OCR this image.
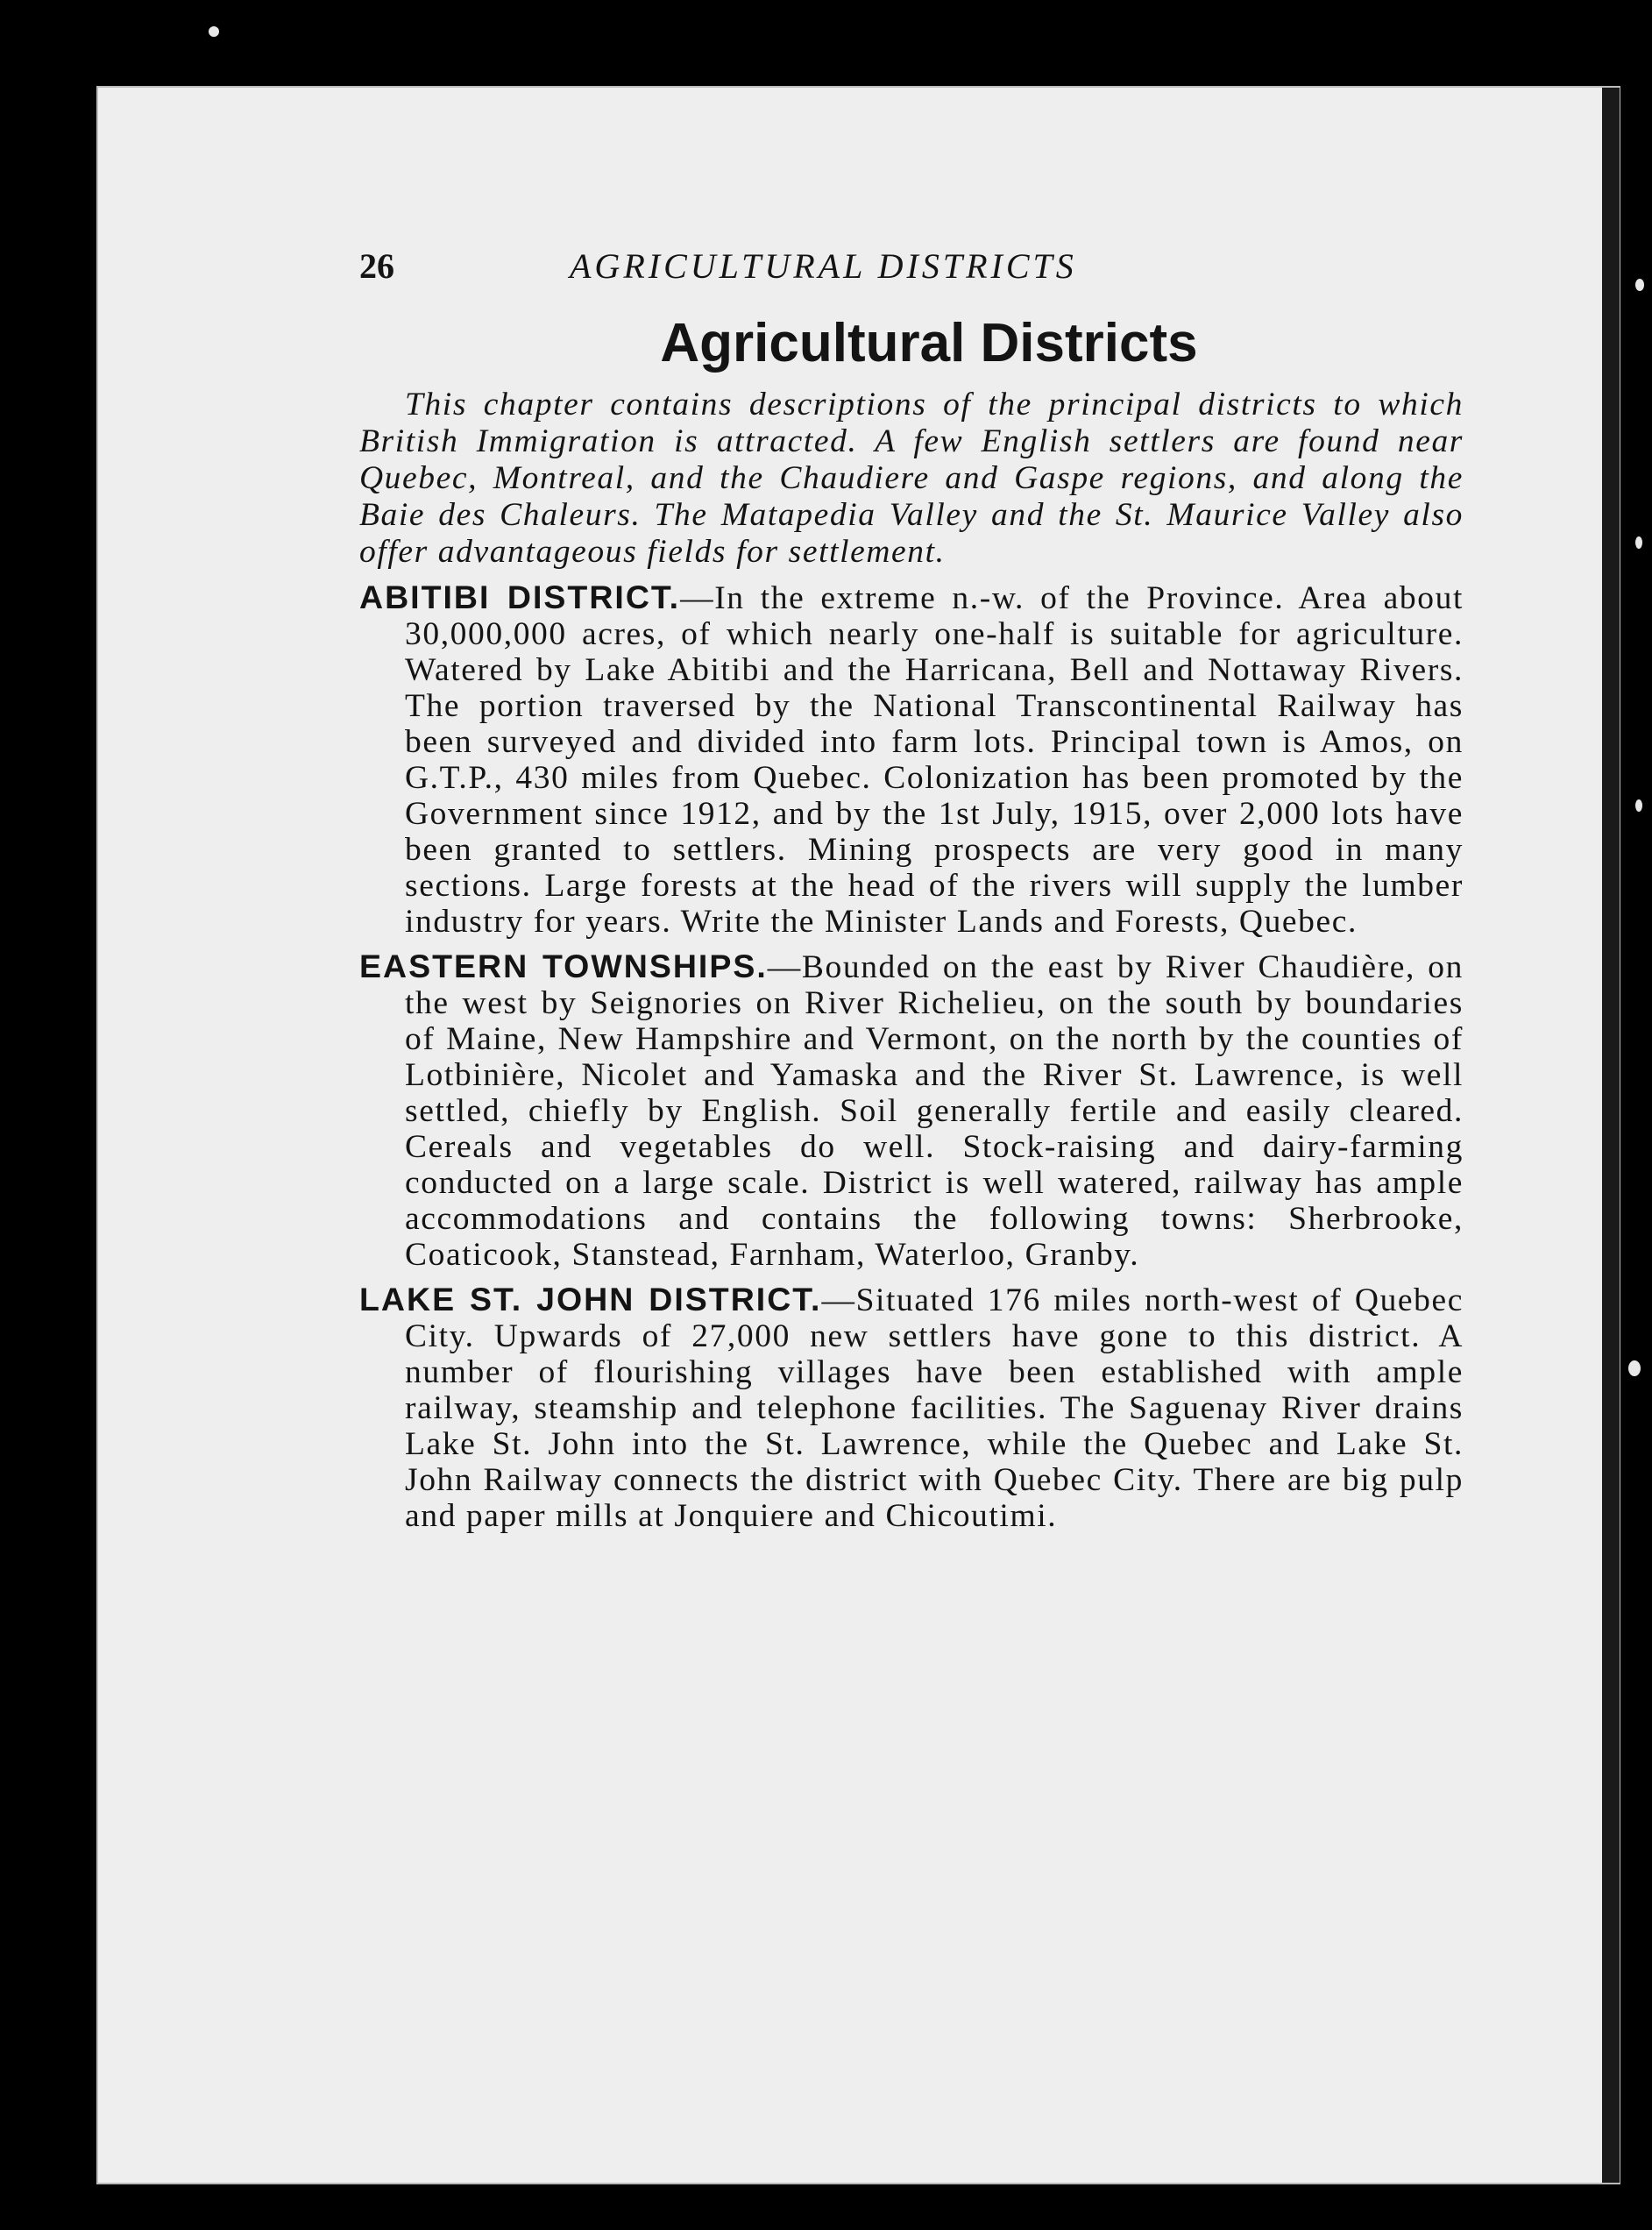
26	AGRICULTURAL DISTRICTS
Agricultural Districts

This chapter contains descriptions of the principal districts to which British Immigration is attracted. A few English settlers are found near Quebec, Montreal, and the Chaudiere and Gaspe regions, and along the Baie des Chaleurs. The Matapedia Valley and the St. Maurice Valley also offer advantageous fields for settlement.

ABITIBI DISTRICT.—In the extreme n.-w. of the Province. Area about 30,000,000 acres, of which nearly one-half is suitable for agriculture. Watered by Lake Abitibi and the Harricana, Bell and Nottaway Rivers. The portion traversed by the National Transcontinental Railway has been surveyed and divided into farm lots. Principal town is Amos, on G.T.P., 430 miles from Quebec. Colonization has been promoted by the Government since 1912, and by the 1st July, 1915, over 2,000 lots have been granted to settlers. Mining prospects are very good in many sections. Large forests at the head of the rivers will supply the lumber industry for years. Write the Minister Lands and Forests, Quebec.

EASTERN TOWNSHIPS.—Bounded on the east by River Chaudière, on the west by Seignories on River Richelieu, on the south by boundaries of Maine, New Hampshire and Vermont, on the north by the counties of Lotbinière, Nicolet and Yamaska and the River St. Lawrence, is well settled, chiefly by English. Soil generally fertile and easily cleared. Cereals and vegetables do well. Stock-raising and dairy-farming conducted on a large scale. District is well watered, railway has ample accommodations and contains the following towns: Sherbrooke, Coaticook, Stanstead, Farnham, Waterloo, Granby.

LAKE ST. JOHN DISTRICT.—Situated 176 miles north-west of Quebec City. Upwards of 27,000 new settlers have gone to this district. A number of flourishing villages have been established with ample railway, steamship and telephone facilities. The Saguenay River drains Lake St. John into the St. Lawrence, while the Quebec and Lake St. John Railway connects the district with Quebec City. There are big pulp and paper mills at Jonquiere and Chicoutimi.
